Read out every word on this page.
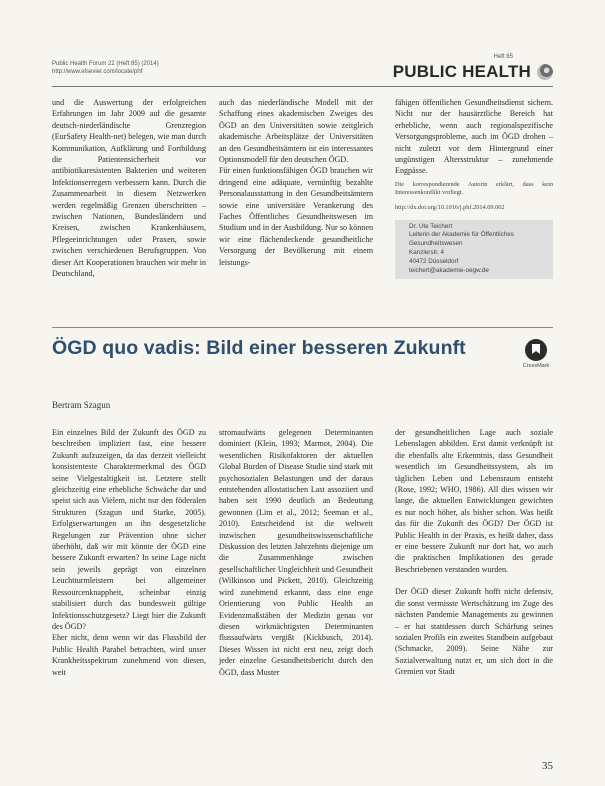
Public Health Forum 22 (Heft 85) (2014)
http://www.elsevier.com/locate/phf
Heft 85
PUBLIC HEALTH

und die Auswertung der erfolgreichen Erfahrungen im Jahr 2009 auf die gesamte deutsch-niederländische Grenzregion (EurSafety Health-net) belegen, wie man durch Kommunikation, Aufklärung und Fortbildung die Patientensicherheit vor antibiotikaresistenten Bakterien und weiteren Infektionserregern verbessern kann. Durch die Zusammenarbeit in diesem Netzwerken werden regelmäßig Grenzen überschritten – zwischen Nationen, Bundesländern und Kreisen, zwischen Krankenhäusern, Pflegeeinrichtungen oder Praxen, sowie zwischen verschiedenen Berufsgruppen. Von dieser Art Kooperationen brauchen wir mehr in Deutschland,

auch das niederländische Modell mit der Schaffung eines akademischen Zweiges des ÖGD an den Universitäten sowie zeitgleich akademische Arbeitsplätze der Universitäten an den Gesundheitsämtern ist ein interessantes Optionsmodell für den deutschen ÖGD.

Für einen funktionsfähigen ÖGD brauchen wir dringend eine adäquate, vernünftig bezahlte Personalausstattung in den Gesundheitsämtern sowie eine universitäre Verankerung des Faches Öffentliches Gesundheitswesen im Studium und in der Ausbildung. Nur so können wir eine flächendeckende gesundheitliche Versorgung der Bevölkerung mit einem leistungs-

fähigen öffentlichen Gesundheitsdienst sichern. Nicht nur der hausärztliche Bereich hat erhebliche, wenn auch regionalspezifische Versorgungsprobleme, auch im ÖGD drohen – nicht zuletzt vor dem Hintergrund einer ungünstigen Altersstruktur – zunehmende Engpässe.

Die korrespondierende Autorin erklärt, dass kein Interessenkonflikt vorliegt.

http://dx.doi.org/10.1016/j.phf.2014.09.002

Dr. Ute Teichert
Leiterin der Akademie für Öffentliches
Gesundheitswesen
Kanzlerstr. 4
40472 Düsseldorf
teichert@akademie-oegw.de
ÖGD quo vadis: Bild einer besseren Zukunft
CrossMark
Bertram Szagun

Ein einzelnes Bild der Zukunft des ÖGD zu beschreiben impliziert fast, eine bessere Zukunft aufzuzeigen, da das derzeit vielleicht konsistenteste Charaktermerkmal des ÖGD seine Vielgestaltigkeit ist. Letztere stellt gleichzeitig eine erhebliche Schwäche dar und speist sich aus Vielem, nicht nur den föderalen Strukturen (Szagun und Starke, 2005). Erfolgserwartungen an ihn desgesetzliche Regelungen zur Prävention ohne sicher überhöht, daß wir mit könnte der ÖGD eine bessere Zukunft erwarten? In seine Lage nicht sein jeweils geprägt von einzelnen Leuchtturmleistern bei allgemeiner Ressourcenknappheit, scheinbar einzig stabilisiert durch das bundesweit gültige Infektionsschutzgesetz? Liegt hier die Zukunft des ÖGD?

Eher nicht, denn wenn wir das Flussbild der Public Health Parabel betrachten, wird unser Krankheitsspektrum zunehmend von diesen, weit

stromaufwärts gelegenen Determinanten dominiert (Klein, 1993; Marmot, 2004). Die wesentlichen Risikofaktoren der aktuellen Global Burden of Disease Studie sind stark mit psychosozialen Belastungen und der daraus entstehenden allostatischen Last assoziiert und haben seit 1990 deutlich an Bedeutung gewonnen (Lim et al., 2012; Seeman et al., 2010). Entscheidend ist die weltweit inzwischen gesundheitswissenschaftliche Diskussion des letzten Jahrzehnts diejenige um die Zusammenhänge zwischen gesellschaftlicher Ungleichheit und Gesundheit (Wilkinson und Pickett, 2010). Gleichzeitig wird zunehmend erkannt, dass eine enge Orientierung von Public Health an Evidenzmaßstäben der Medizin genau vor diesen wirkmächtigsten Determinanten flussaufwärts vergißt (Kickbusch, 2014). Dieses Wissen ist nicht erst neu, zeigt doch jeder einzelne Gesundheitsbericht durch den ÖGD, dass Muster

der gesundheitlichen Lage auch soziale Lebenslagen abbilden. Erst damit verknüpft ist die ebenfalls alte Erkenntnis, dass Gesundheit wesentlich im Gesundheitssystem, als im täglichen Leben und Lebensraum entsteht (Rose, 1992; WHO, 1986). All dies wissen wir lange, die aktuellen Entwicklungen gewichten es nur noch höher, als bisher schon. Was heißt das für die Zukunft des ÖGD? Der ÖGD ist Public Health in der Praxis, es heißt daher, dass er eine bessere Zukunft nur dort hat, wo auch die praktischen Implikationen des gerade Beschriebenen verstanden wurden.

Der ÖGD dieser Zukunft hofft nicht defensiv, die sonst vermisste Wertschätzung im Zuge des nächsten Pandemie Managements zu gewinnen – er hat stattdessen durch Schärfung seines sozialen Profils ein zweites Standbein aufgebaut (Schmacke, 2009). Seine Nähe zur Sozialverwaltung nutzt er, um sich dort in die Gremien vor Stadt

35
